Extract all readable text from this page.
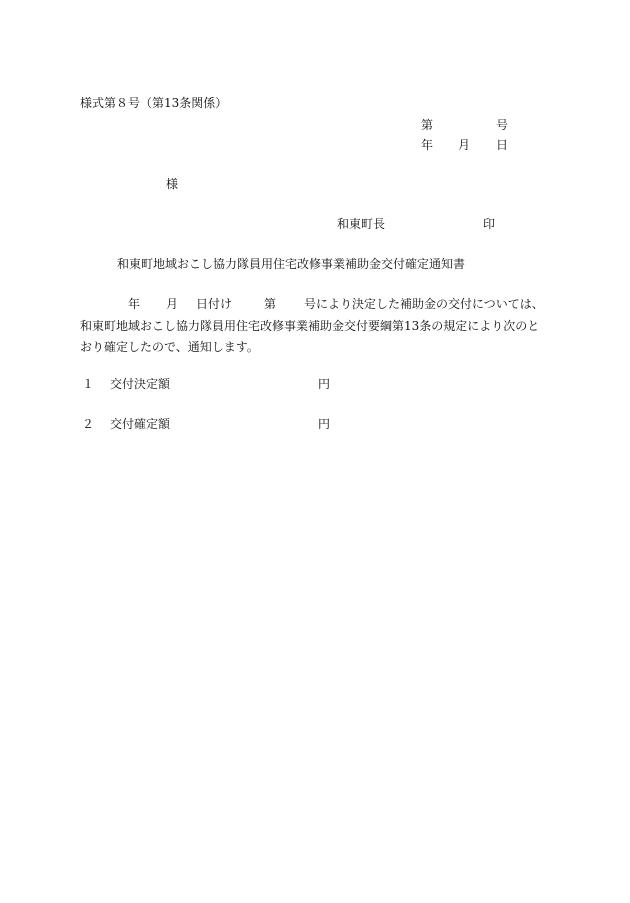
様式第８号（第13条関係）
第	号
年 月 日
様
和東町長	印
和東町地域おこし協力隊員用住宅改修事業補助金交付確定通知書
年 月 日付け	第 号により決定した補助金の交付については、
和東町地域おこし協力隊員用住宅改修事業補助金交付要綱第13条の規定により次のと
おり確定したので、通知します。
１ 交付決定額	円
２ 交付確定額	円
